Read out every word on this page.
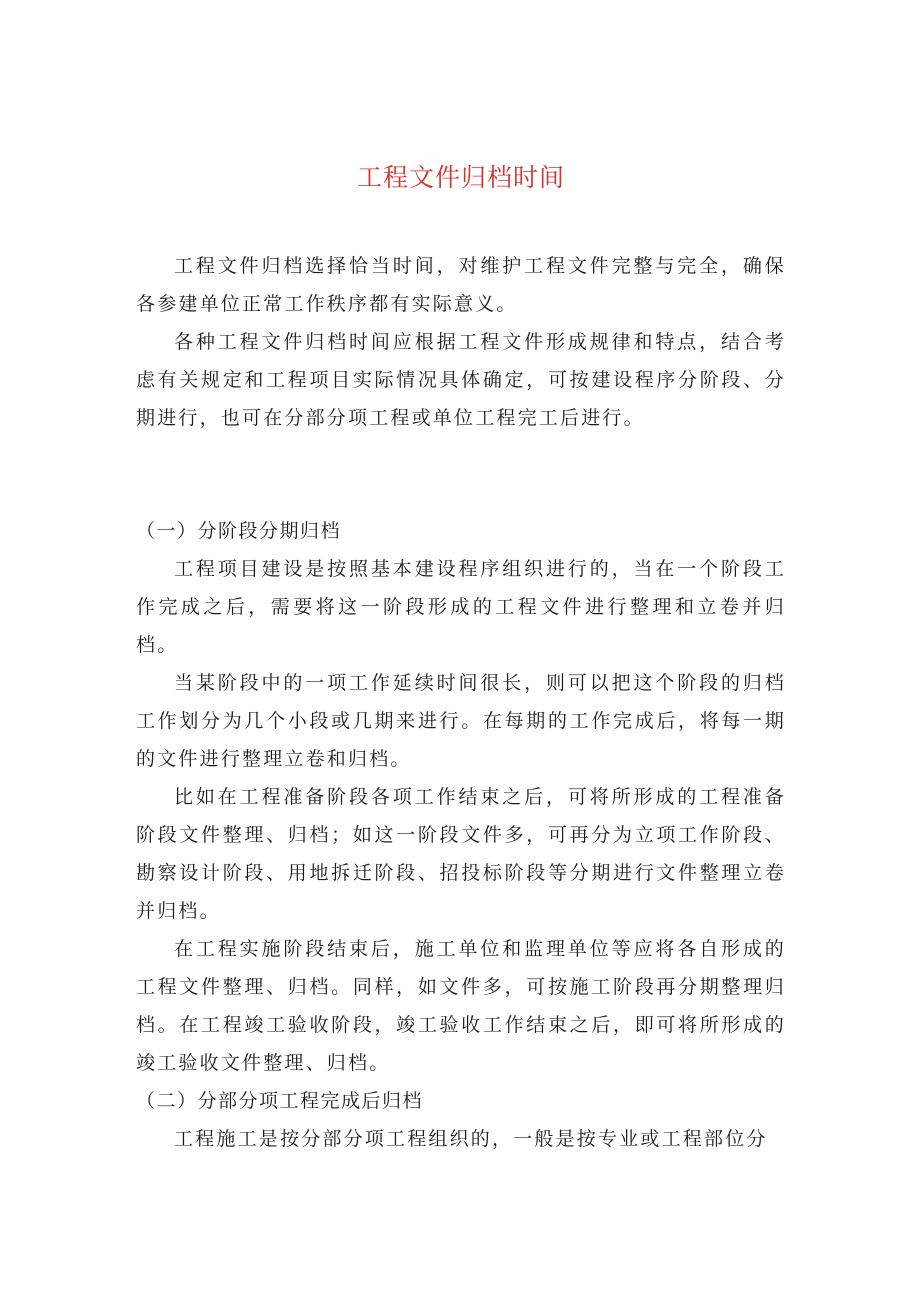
工程文件归档时间

工程文件归档选择恰当时间，对维护工程文件完整与完全，确保各参建单位正常工作秩序都有实际意义。

各种工程文件归档时间应根据工程文件形成规律和特点，结合考虑有关规定和工程项目实际情况具体确定，可按建设程序分阶段、分期进行，也可在分部分项工程或单位工程完工后进行。

（一）分阶段分期归档

工程项目建设是按照基本建设程序组织进行的，当在一个阶段工作完成之后，需要将这一阶段形成的工程文件进行整理和立卷并归档。

当某阶段中的一项工作延续时间很长，则可以把这个阶段的归档工作划分为几个小段或几期来进行。在每期的工作完成后，将每一期的文件进行整理立卷和归档。

比如在工程准备阶段各项工作结束之后，可将所形成的工程准备阶段文件整理、归档；如这一阶段文件多，可再分为立项工作阶段、勘察设计阶段、用地拆迁阶段、招投标阶段等分期进行文件整理立卷并归档。

在工程实施阶段结束后，施工单位和监理单位等应将各自形成的工程文件整理、归档。同样，如文件多，可按施工阶段再分期整理归档。在工程竣工验收阶段，竣工验收工作结束之后，即可将所形成的竣工验收文件整理、归档。

（二）分部分项工程完成后归档

工程施工是按分部分项工程组织的，一般是按专业或工程部位分
